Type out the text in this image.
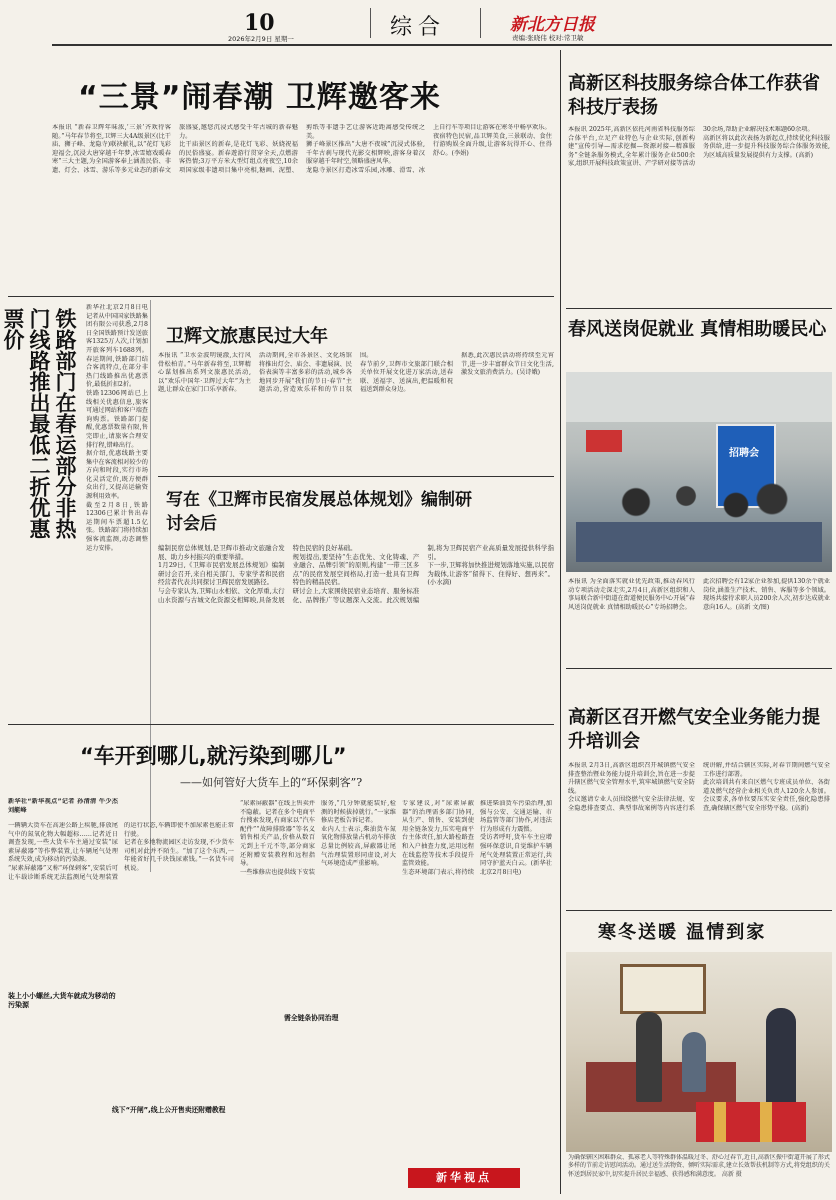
10
2026年2月9日 星期一	综合	新北方日报
责编:张晓伟 校对:常卫敏
“三景”闹春潮 卫辉邀客来
本报讯 “新春卫辉年味浓,‘三景’齐欢待客随。”马年春节将至,卫辉三大4A级景区(比干庙、狮子峰、龙隐寺)联袂献礼,以“花灯飞彩迎福会,沉浸大唐穿越千年梦,冰雪嬉戏暖春寒”三大主题,为全国游客奉上涵盖民俗、非遗、灯会、冰雪、游乐等多元业态的新春文旅盛宴,邀您沉浸式感受千年古城的新春魅力。
比干庙景区的新春,是花灯飞彩、妖娆祝福的民俗盛宴。新春遊游行贯穿全天,点燃游客热情;3万平方米大型灯组点亮夜空,10余项国家级非遗项目集中亮相,糖画、泥塑、剪纸等非遗手艺让游客近距离感受传统之美。
狮子峰景区推出“大唐不夜城”沉浸式体验,千年古刹与现代光影交相辉映,游客身着汉服穿越千年时空,领略盛唐风华。
龙隐寺景区打造冰雪乐园,冰雕、滑雪、冰上自行车等项目让游客在寒冬中畅享欢乐。
夜宿特色民宿,品卫辉美食,三景联动、食住行游购娱全面升级,让游客玩得开心、住得舒心。(李娟)
铁路部门在春运部分非热门线路推出最低二折优惠票价
新华社北京2月8日电 记者从中国国家铁路集团有限公司获悉,2月8日全国铁路预计发送旅客1325万人次,计划加开旅客列车1688列。春运期间,铁路部门结合客流特点,在部分非热门线路推出优惠票价,最低折扣2折。
铁路12306网站已上线相关优惠信息,旅客可通过网站和客户端查询购票。铁路部门提醒,优惠票数量有限,售完即止,请旅客合理安排行程,错峰出行。
据介绍,优惠线路主要集中在客流相对较少的方向和时段,实行市场化灵活定价,既方便群众出行,又提高运输资源利用效率。
截至2月8日,铁路12306已累计售出春运期间车票超1.5亿张。铁路部门将持续加强客流监测,动态调整运力安排。
卫辉文旅惠民过大年
本报讯 “卫水金波明镜澈,太行风骨松柏青。”马年新春将至,卫辉精心谋划推出系列文旅惠民活动,以“欢乐中国年·卫辉过大年”为主题,让群众在家门口乐享新春。
活动期间,全市各景区、文化场馆将推出灯会、庙会、非遗展演、民俗表演等丰富多彩的活动,城乡各地同步开展“我们的节日·春节”主题活动,营造欢乐祥和的节日氛围。
春节前夕,卫辉市文旅部门联合相关单位开展文化进万家活动,送春联、送福字、送演出,把温暖和祝福送到群众身边。
据悉,此次惠民活动将持续至元宵节,进一步丰富群众节日文化生活,激发文旅消费活力。(吴诗娥)
写在《卫辉市民宿发展总体规划》编制研讨会后
编制民宿总体规划,是卫辉市推动文旅融合发展、助力乡村振兴的重要举措。
1月29日,《卫辉市民宿发展总体规划》编制研讨会召开,来自相关部门、专家学者和民宿经营者代表共同探讨卫辉民宿发展路径。
与会专家认为,卫辉山水相依、文化厚重,太行山水资源与古城文化资源交相辉映,具备发展特色民宿的良好基础。
规划提出,要坚持“生态优先、文化铸魂、产业融合、品牌引领”的原则,构建“一带三区多点”的民宿发展空间格局,打造一批具有卫辉特色的精品民宿。
研讨会上,大家围绕民宿业态培育、服务标准化、品牌推广等议题深入交流。此次规划编制,将为卫辉民宿产业高质量发展提供科学指引。
下一步,卫辉将加快推进规划落地实施,以民宿为载体,让游客“留得下、住得好、想再来”。(小水滴)
“车开到哪儿,就污染到哪儿”
——如何管好大货车上的“环保刺客”?
新华社“新华视点”记者 孙清清 牛少杰 刘艇峰
装上小小螺丝,大货车就成为移动的污染源
一辆辆大货车在高速公路上疾驰,排放尾气中的氮氧化物大幅超标……记者近日调查发现,一些大货车车主通过安装“尿素屏蔽器”等作弊装置,让车辆尾气处理系统失效,成为移动的污染源。
“尿素屏蔽器”又称“环保刺客”,安装后可让车载诊断系统无法监测尾气处理装置的运行状态,车辆即使不加尿素也能正常行驶。
记者在多地物流园区走访发现,不少货车司机对此并不陌生。“加了这个东西,一年能省好几千块钱尿素钱。”一名货车司机说。
“尿素屏蔽器”在线上售卖并不隐蔽。记者在多个电商平台搜索发现,有商家以“汽车配件”“故障排除器”等名义销售相关产品,价格从数百元到上千元不等,部分商家还附赠安装教程和远程指导。
一些维修店也提供线下安装服务,“几分钟就能装好,检测的时候拔掉就行。”一家维修店老板告诉记者。
业内人士表示,柴油货车氮氧化物排放量占机动车排放总量比例较高,屏蔽器让尾气治理装置形同虚设,对大气环境造成严重影响。
线下“开闸”,线上公开售卖还附赠教程
需全链条协同治理
专家建议,对“尿素屏蔽器”的治理需多部门协同,从生产、销售、安装到使用全链条发力,压实电商平台主体责任,加大路检路查和入户抽查力度,运用远程在线监控等技术手段提升监管效能。
生态环境部门表示,将持续推进柴油货车污染治理,加强与公安、交通运输、市场监管等部门协作,对违法行为形成有力震慑。
受访者呼吁,货车车主应增强环保意识,自觉维护车辆尾气处理装置正常运行,共同守护蓝天白云。(新华社北京2月8日电)
新华视点
高新区科技服务综合体工作获省科技厅表扬
本报讯 2025年,高新区依托河南省科技服务综合体平台,立足产业特色与企业实际,创新构建“宣传引导—需求挖掘—资源对接—精准服务”全链条服务模式,全年累计服务企业500余家,组织开展科技政策宣讲、产学研对接等活动30余场,帮助企业解决技术难题60余项。
高新区将以此次表扬为新起点,持续优化科技服务供给,进一步提升科技服务综合体服务效能,为区域高质量发展提供有力支撑。(高新)
春风送岗促就业 真情相助暖民心
招聘会
本报讯 为全面落实就业优先政策,推动春风行动专项活动走深走实,2月4日,高新区组织和人事局联合新中街道在街道便民服务中心开展“春风送岗促就业 真情相助暖民心”专场招聘会。
此次招聘会有12家企业参加,提供130余个就业岗位,涵盖生产技术、销售、客服等多个领域。现场共接待求职人员200余人次,初步达成就业意向16人。(高新 文/图)
高新区召开燃气安全业务能力提升培训会
本报讯 2月3日,高新区组织召开城镇燃气安全排查整治暨业务能力提升培训会,旨在进一步提升辖区燃气安全管理水平,筑牢城镇燃气安全防线。
会议邀请专业人员围绕燃气安全法律法规、安全隐患排查要点、典型事故案例等内容进行系统讲解,并结合辖区实际,对春节期间燃气安全工作进行部署。
此次培训共有来自区燃气专班成员单位、各街道及燃气经营企业相关负责人120余人参加。会议要求,各单位要压实安全责任,强化隐患排查,确保辖区燃气安全形势平稳。(高新)
寒冬送暖 温情到家
为确保辖区困难群众、孤寡老人等特殊群体温暖过冬、舒心过春节,近日,高新区振中街道开展了形式多样的节前走访慰问活动。通过送生活物资、倾听实际需求,建立长效帮扶机制等方式,将党组织的关怀送到居民家中,切实提升居民幸福感、获得感和满意度。 高新 摄
